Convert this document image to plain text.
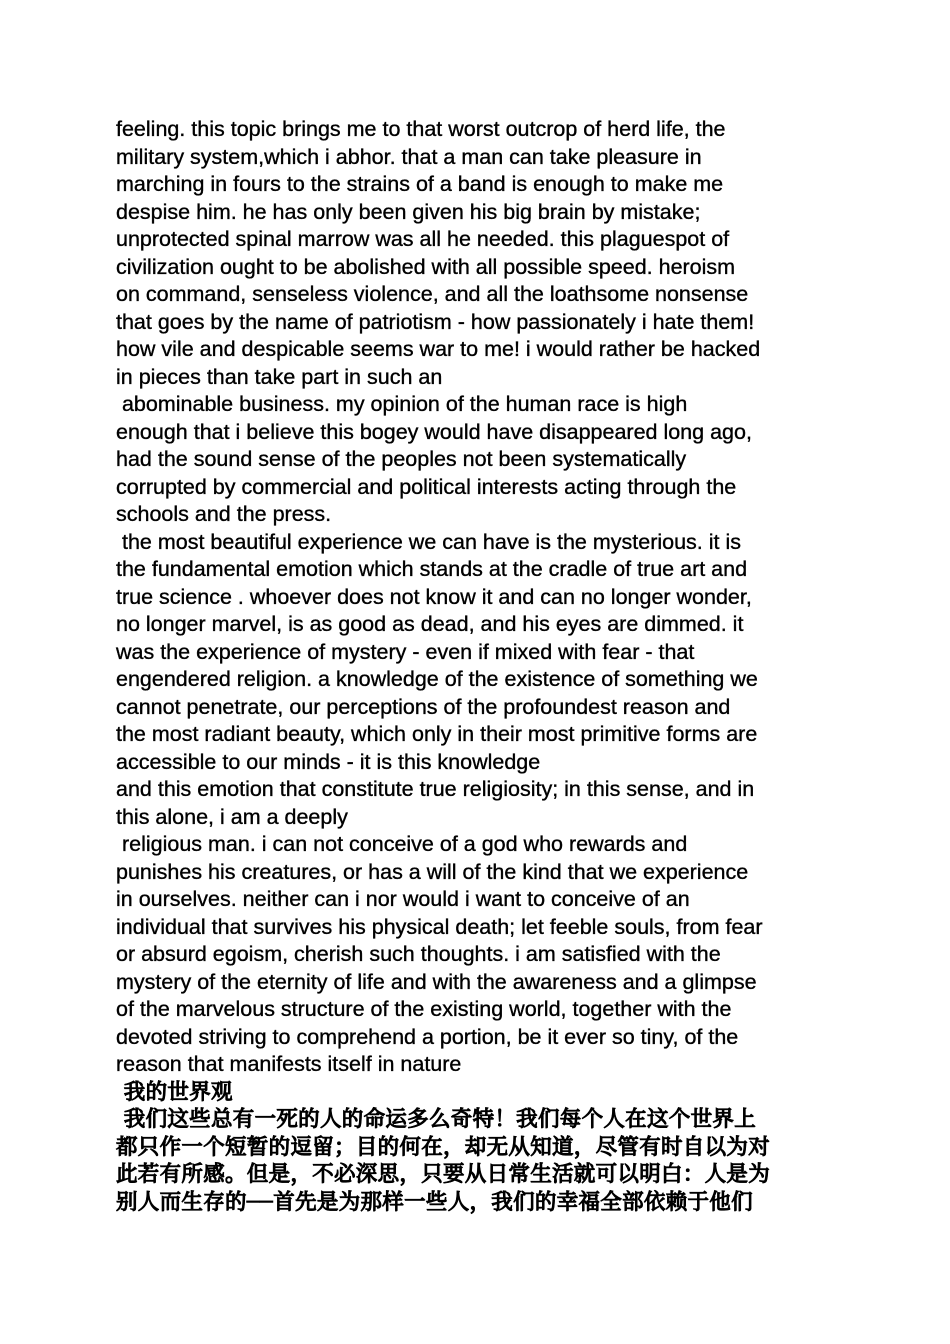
feeling. this topic brings me to that worst outcrop of herd life, the
military system,which i abhor. that a man can take pleasure in
marching in fours to the strains of a band is enough to make me
despise him. he has only been given his big brain by mistake;
unprotected spinal marrow was all he needed. this plaguespot of
civilization ought to be abolished with all possible speed. heroism
on command, senseless violence, and all the loathsome nonsense
that goes by the name of patriotism - how passionately i hate them!
how vile and despicable seems war to me! i would rather be hacked
in pieces than take part in such an
abominable business. my opinion of the human race is high
enough that i believe this bogey would have disappeared long ago,
had the sound sense of the peoples not been systematically
corrupted by commercial and political interests acting through the
schools and the press.
the most beautiful experience we can have is the mysterious. it is
the fundamental emotion which stands at the cradle of true art and
true science . whoever does not know it and can no longer wonder,
no longer marvel, is as good as dead, and his eyes are dimmed. it
was the experience of mystery - even if mixed with fear - that
engendered religion. a knowledge of the existence of something we
cannot penetrate, our perceptions of the profoundest reason and
the most radiant beauty, which only in their most primitive forms are
accessible to our minds - it is this knowledge
and this emotion that constitute true religiosity; in this sense, and in
this alone, i am a deeply
religious man. i can not conceive of a god who rewards and
punishes his creatures, or has a will of the kind that we experience
in ourselves. neither can i nor would i want to conceive of an
individual that survives his physical death; let feeble souls, from fear
or absurd egoism, cherish such thoughts. i am satisfied with the
mystery of the eternity of life and with the awareness and a glimpse
of the marvelous structure of the existing world, together with the
devoted striving to comprehend a portion, be it ever so tiny, of the
reason that manifests itself in nature
我的世界观
我们这些总有一死的人的命运多么奇特！我们每个人在这个世界上
都只作一个短暂的逗留；目的何在，却无从知道，尽管有时自以为对
此若有所感。但是，不必深思，只要从日常生活就可以明白：人是为
别人而生存的──首先是为那样一些人，我们的幸福全部依赖于他们
